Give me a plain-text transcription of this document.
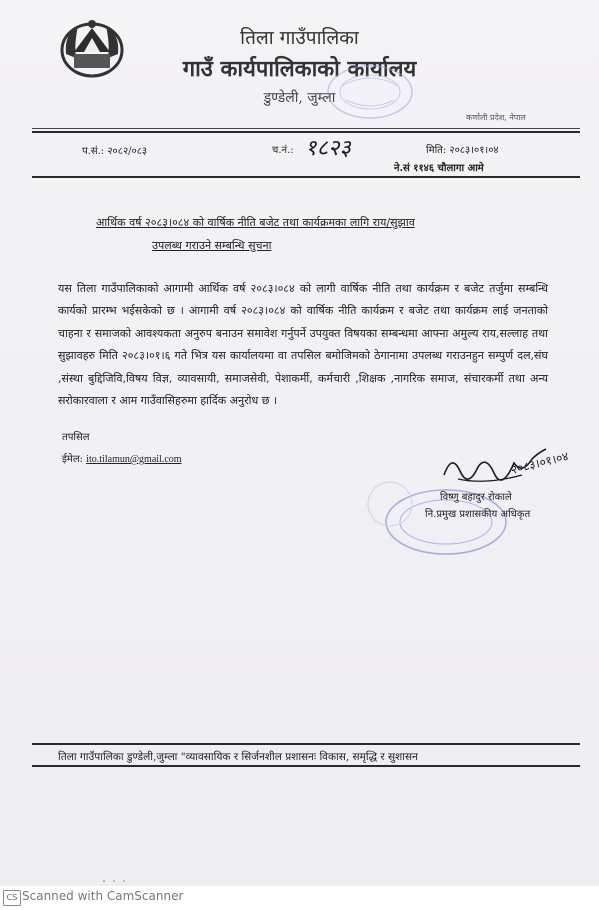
तिला गाउँपालिका
गाउँ कार्यपालिकाको कार्यालय
डुण्डेली, जुम्ला
कर्णाली प्रदेश, नेपाल
प.सं.: २०८२/०८३	च.नं.: १८२३	मिति: २०८३।०१।०४
ने.सं ११४६ चौलागा आमे
आर्थिक वर्ष २०८३।०८४ को वार्षिक नीति बजेट तथा कार्यक्रमका लागि राय/सुझाव
उपलब्ध गराउने सम्बन्धि सुचना

यस तिला गाउँपालिकाको आगामी आर्थिक वर्ष २०८३।०८४ को लागी वार्षिक नीति तथा कार्यक्रम र बजेट तर्जुमा सम्बन्धि कार्यको प्रारम्भ भईसकेको छ । आगामी वर्ष २०८३।०८४ को वार्षिक नीति कार्यक्रम र बजेट तथा कार्यक्रम लाई जनताको चाहना र समाजको आवश्यकता अनुरुप बनाउन समावेश गर्नुपर्ने उपयुक्त विषयका सम्बन्धमा आफ्ना अमुल्य राय,सल्लाह तथा सुझावहरु मिति २०८३।०१।६ गते भित्र यस कार्यालयमा वा तपसिल बमोजिमको ठेगानामा उपलब्ध गराउनहुन सम्पुर्ण दल,संघ ,संस्था बुद्दिजिवि,विषय विज्ञ, व्यावसायी, समाजसेवी, पेशाकर्मी, कर्मचारी ,शिक्षक ,नागरिक समाज, संचारकर्मी तथा अन्य सरोकारवाला र आम गाउँवासिहरुमा हार्दिक अनुरोध छ ।

तपसिल
ईमेल: ito.tilamun@gmail.com	२०८३।०१।०४
विष्णु बहादुर रोकाले
नि.प्रमुख प्रशासकीय अधिकृत
तिला गाउँपालिका डुण्डेली,जुम्ला "व्यावसायिक र सिर्जनशील प्रशासनः विकास, समृद्धि र सुशासन
CS Scanned with CamScanner
